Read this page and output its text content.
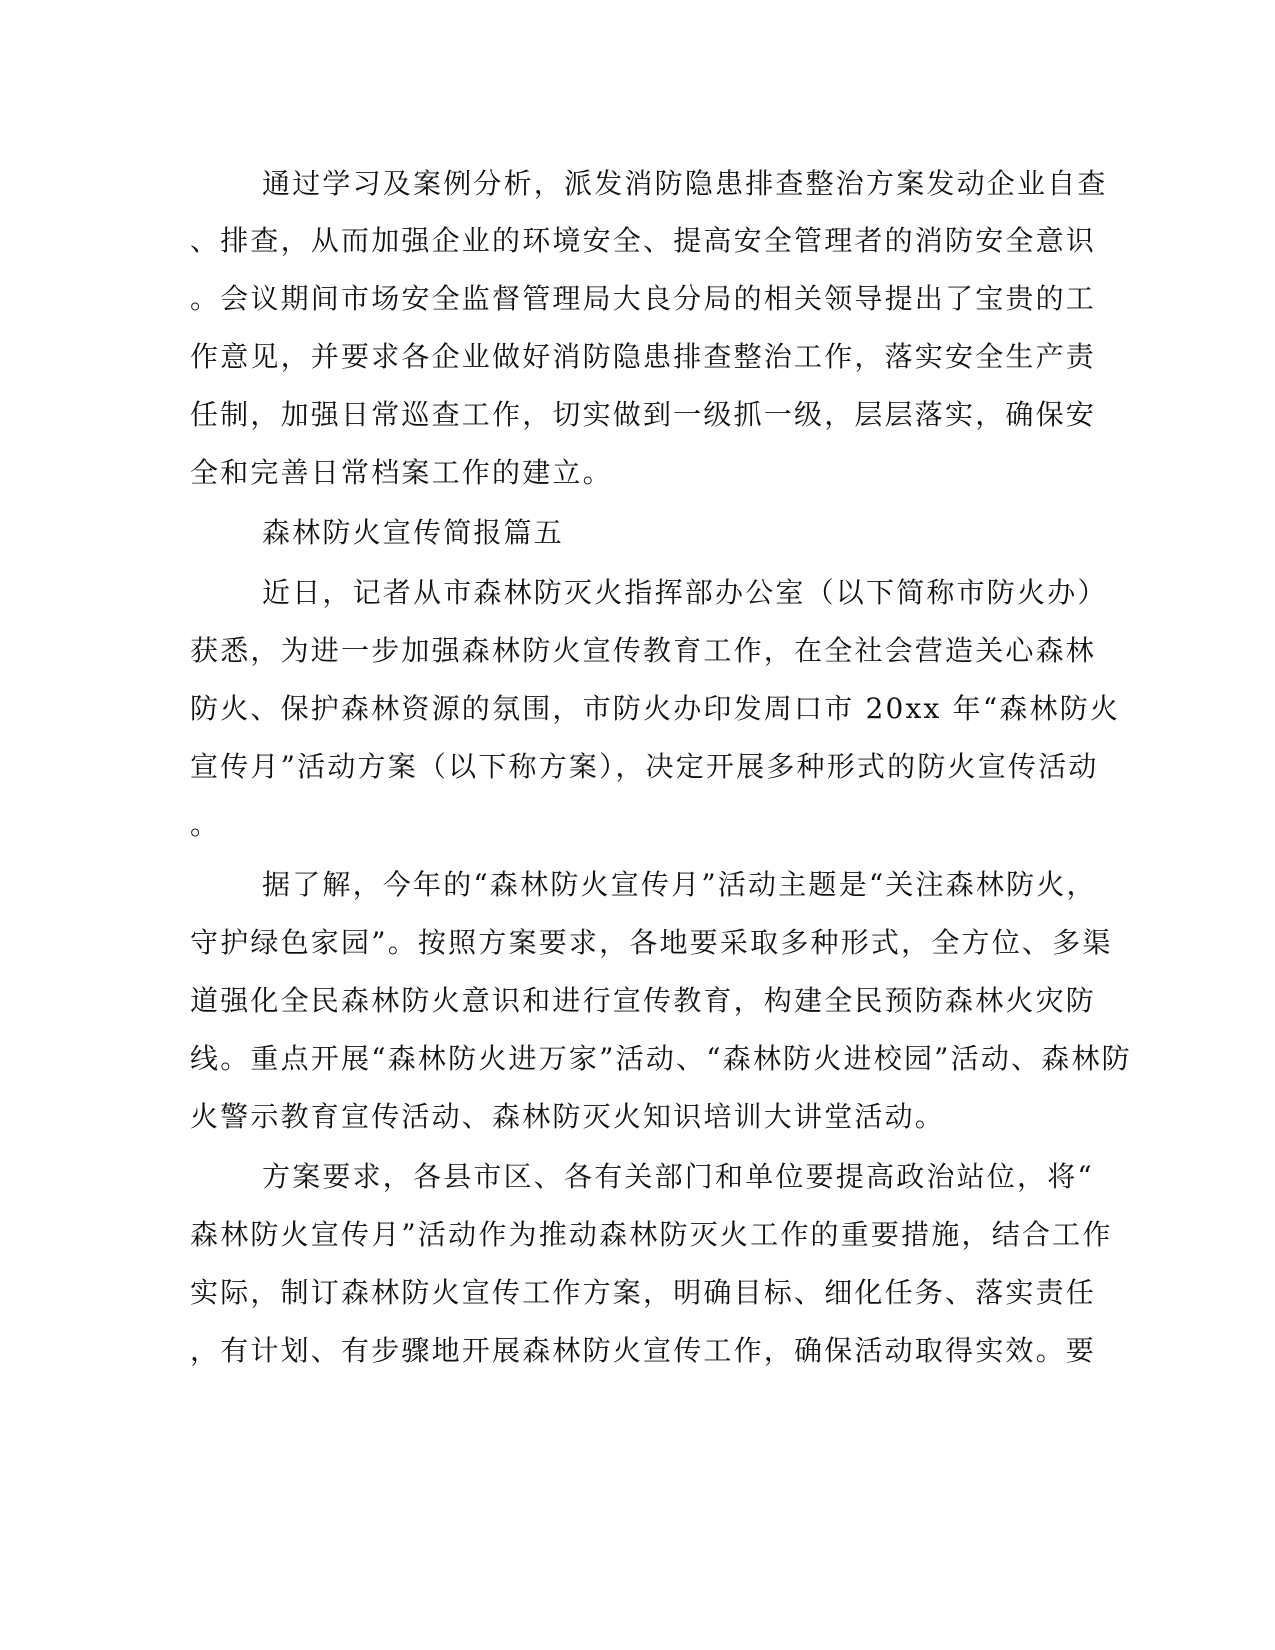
通过学习及案例分析，派发消防隐患排查整治方案发动企业自查

、排查，从而加强企业的环境安全、提高安全管理者的消防安全意识

。会议期间市场安全监督管理局大良分局的相关领导提出了宝贵的工

作意见，并要求各企业做好消防隐患排查整治工作，落实安全生产责

任制，加强日常巡查工作，切实做到一级抓一级，层层落实，确保安

全和完善日常档案工作的建立。

森林防火宣传简报篇五

近日，记者从市森林防灭火指挥部办公室（以下简称市防火办）

获悉，为进一步加强森林防火宣传教育工作，在全社会营造关心森林

防火、保护森林资源的氛围，市防火办印发周口市 20xx 年“森林防火

宣传月”活动方案（以下称方案），决定开展多种形式的防火宣传活动

。

据了解，今年的“森林防火宣传月”活动主题是“关注森林防火，

守护绿色家园”。按照方案要求，各地要采取多种形式，全方位、多渠

道强化全民森林防火意识和进行宣传教育，构建全民预防森林火灾防

线。重点开展“森林防火进万家”活动、“森林防火进校园”活动、森林防

火警示教育宣传活动、森林防灭火知识培训大讲堂活动。

方案要求，各县市区、各有关部门和单位要提高政治站位，将“

森林防火宣传月”活动作为推动森林防灭火工作的重要措施，结合工作

实际，制订森林防火宣传工作方案，明确目标、细化任务、落实责任

，有计划、有步骤地开展森林防火宣传工作，确保活动取得实效。要
